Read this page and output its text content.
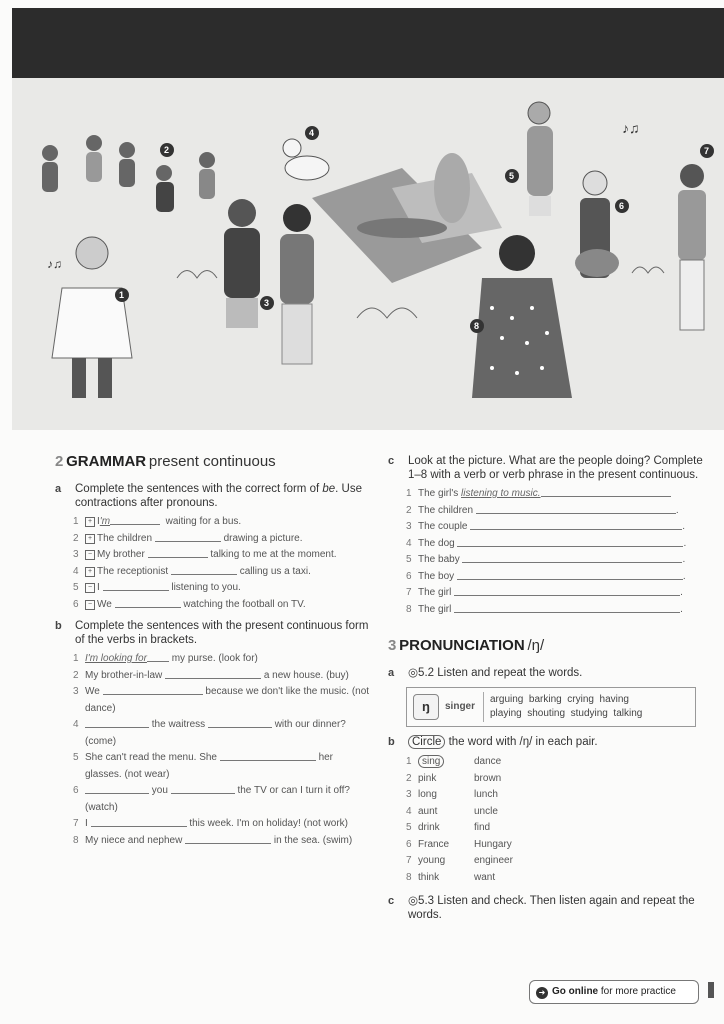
♪♫
♪♫
1
2
3
4
5
6
7
8
2 GRAMMAR present continuous
a	Complete the sentences with the correct form of be. Use contractions after pronouns.
1	+ I'm	waiting for a bus.
2	+ The children	drawing a picture.
3	− My brother	talking to me at the moment.
4	+ The receptionist	calling us a taxi.
5	− I	listening to you.
6	− We	watching the football on TV.
b	Complete the sentences with the present continuous form of the verbs in brackets.
1 I'm looking for my purse. (look for)
2 My brother-in-law	a new house. (buy)
3 We	because we don't like the music. (not dance)
4	the waitress	with our dinner? (come)
5 She can't read the menu. She	her glasses. (not wear)
6	you	the TV or can I turn it off? (watch)
7 I	this week. I'm on holiday! (not work)
8 My niece and nephew	in the sea. (swim)
c	Look at the picture. What are the people doing? Complete 1–8 with a verb or verb phrase in the present continuous.
1 The girl's listening to music.
2 The children	.
3 The couple	.
4 The dog	.
5 The baby	.
6 The boy	.
7 The girl	.
8 The girl	.
3 PRONUNCIATION /ŋ/
a	◎5.2 Listen and repeat the words.
ŋ	singer
arguing  barking  crying  having
playing  shouting  studying  talking
b	Circle the word with /ŋ/ in each pair.
1	sing	dance
2 pink	brown
3 long	lunch
4 aunt	uncle
5 drink	find
6 France	Hungary
7 young	engineer
8 think	want
c	◎5.3 Listen and check. Then listen again and repeat the words.
➜ Go online for more practice
